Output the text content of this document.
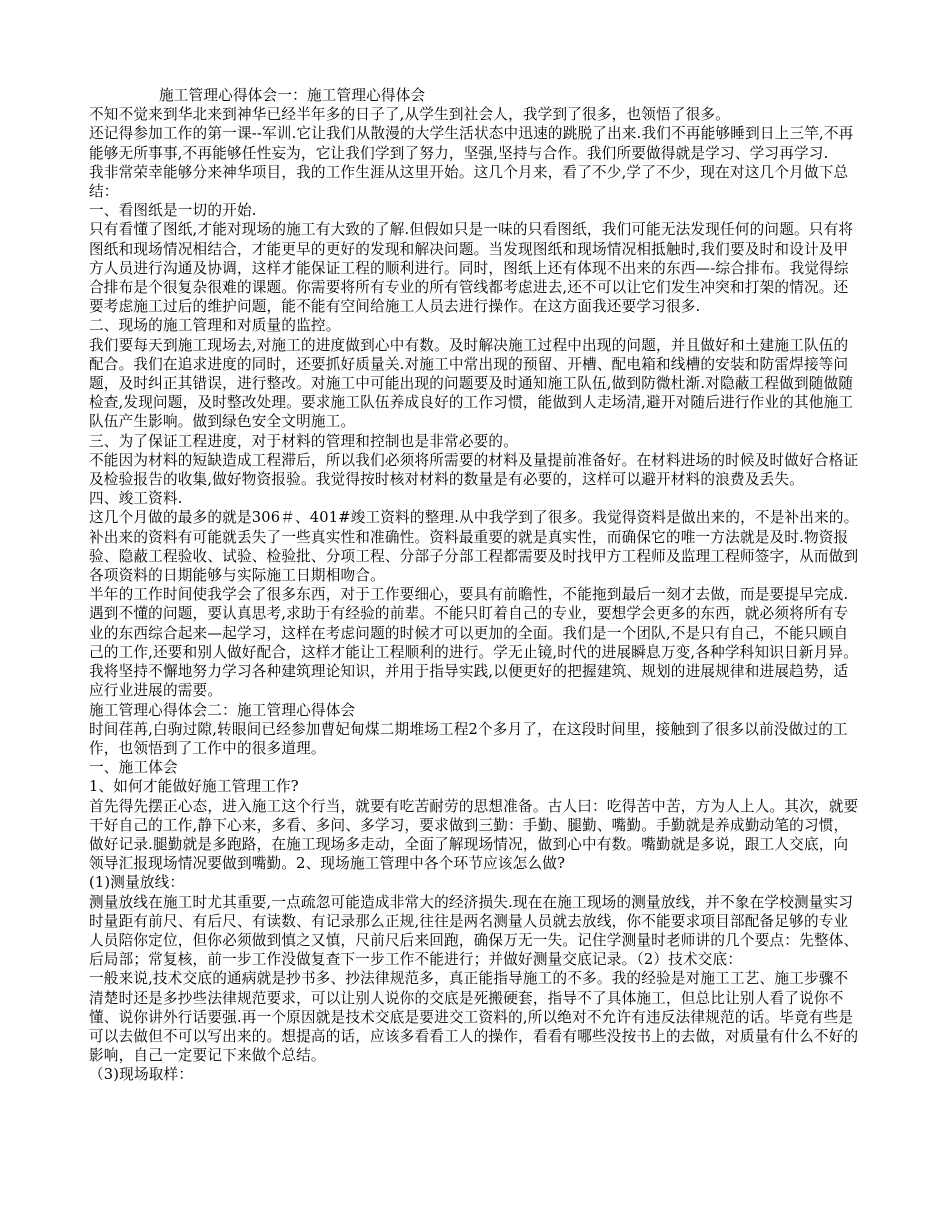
施工管理心得体会一：施工管理心得体会

不知不觉来到华北来到神华已经半年多的日子了,从学生到社会人，我学到了很多，也领悟了很多。

还记得参加工作的第一课--军训.它让我们从散漫的大学生活状态中迅速的跳脱了出来.我们不再能够睡到日上三竿,不再能够无所事事,不再能够任性妄为，它让我们学到了努力，坚强,坚持与合作。我们所要做得就是学习、学习再学习.

我非常荣幸能够分来神华项目，我的工作生涯从这里开始。这几个月来，看了不少,学了不少，现在对这几个月做下总结：

一、看图纸是一切的开始.

只有看懂了图纸,才能对现场的施工有大致的了解.但假如只是一味的只看图纸，我们可能无法发现任何的问题。只有将图纸和现场情况相结合，才能更早的更好的发现和解决问题。当发现图纸和现场情况相抵触时,我们要及时和设计及甲方人员进行沟通及协调，这样才能保证工程的顺利进行。同时，图纸上还有体现不出来的东西—-综合排布。我觉得综合排布是个很复杂很难的课题。你需要将所有专业的所有管线都考虑进去,还不可以让它们发生冲突和打架的情况。还要考虑施工过后的维护问题，能不能有空间给施工人员去进行操作。在这方面我还要学习很多.

二、现场的施工管理和对质量的监控。

我们要每天到施工现场去,对施工的进度做到心中有数。及时解决施工过程中出现的问题，并且做好和土建施工队伍的配合。我们在追求进度的同时，还要抓好质量关.对施工中常出现的预留、开槽、配电箱和线槽的安装和防雷焊接等问题，及时纠正其错误，进行整改。对施工中可能出现的问题要及时通知施工队伍,做到防微杜渐.对隐蔽工程做到随做随检查,发现问题，及时整改处理。要求施工队伍养成良好的工作习惯，能做到人走场清,避开对随后进行作业的其他施工队伍产生影响。做到绿色安全文明施工。

三、为了保证工程进度，对于材料的管理和控制也是非常必要的。

不能因为材料的短缺造成工程滞后，所以我们必须将所需要的材料及量提前准备好。在材料进场的时候及时做好合格证及检验报告的收集,做好物资报验。我觉得按时核对材料的数量是有必要的，这样可以避开材料的浪费及丢失。

四、竣工资料.

这几个月做的最多的就是306＃、401#竣工资料的整理.从中我学到了很多。我觉得资料是做出来的，不是补出来的。补出来的资料有可能就丢失了一些真实性和准确性。资料最重要的就是真实性，而确保它的唯一方法就是及时.物资报验、隐蔽工程验收、试验、检验批、分项工程、分部子分部工程都需要及时找甲方工程师及监理工程师签字，从而做到各项资料的日期能够与实际施工日期相吻合。

半年的工作时间使我学会了很多东西，对于工作要细心，要具有前瞻性，不能拖到最后一刻才去做，而是要提早完成.遇到不懂的问题，要认真思考,求助于有经验的前辈。不能只盯着自己的专业，要想学会更多的东西，就必须将所有专业的东西综合起来—起学习，这样在考虑问题的时候才可以更加的全面。我们是一个团队,不是只有自己，不能只顾自己的工作,还要和别人做好配合，这样才能让工程顺利的进行。学无止镜,时代的进展瞬息万变,各种学科知识日新月异。我将坚持不懈地努力学习各种建筑理论知识，并用于指导实践,以便更好的把握建筑、规划的进展规律和进展趋势，适应行业进展的需要。

施工管理心得体会二：施工管理心得体会

时间荏苒,白驹过隙,转眼间已经参加曹妃甸煤二期堆场工程2个多月了，在这段时间里，接触到了很多以前没做过的工作，也领悟到了工作中的很多道理。

一、施工体会

1、如何才能做好施工管理工作?

首先得先摆正心态，进入施工这个行当，就要有吃苦耐劳的思想准备。古人曰：吃得苦中苦，方为人上人。其次，就要干好自己的工作,静下心来，多看、多问、多学习，要求做到三勤：手勤、腿勤、嘴勤。手勤就是养成勤动笔的习惯，做好记录.腿勤就是多跑路，在施工现场多走动，全面了解现场情况，做到心中有数。嘴勤就是多说，跟工人交底，向领导汇报现场情况要做到嘴勤。2、现场施工管理中各个环节应该怎么做?

(1)测量放线：

测量放线在施工时尤其重要,一点疏忽可能造成非常大的经济损失.现在在施工现场的测量放线，并不象在学校测量实习时量距有前尺、有后尺、有读数、有记录那么正规,往往是两名测量人员就去放线，你不能要求项目部配备足够的专业人员陪你定位，但你必须做到慎之又慎，尺前尺后来回跑，确保万无一失。记住学测量时老师讲的几个要点：先整体、后局部；常复核，前一步工作没做复查下一步工作不能进行；并做好测量交底记录。（2）技术交底：

一般来说,技术交底的通病就是抄书多、抄法律规范多，真正能指导施工的不多。我的经验是对施工工艺、施工步骤不清楚时还是多抄些法律规范要求，可以让别人说你的交底是死搬硬套，指导不了具体施工，但总比让别人看了说你不懂、说你讲外行话要强.再一个原因就是技术交底是要进交工资料的,所以绝对不允许有违反法律规范的话。毕竟有些是可以去做但不可以写出来的。想提高的话，应该多看看工人的操作，看看有哪些没按书上的去做，对质量有什么不好的影响，自己一定要记下来做个总结。

（3)现场取样：
